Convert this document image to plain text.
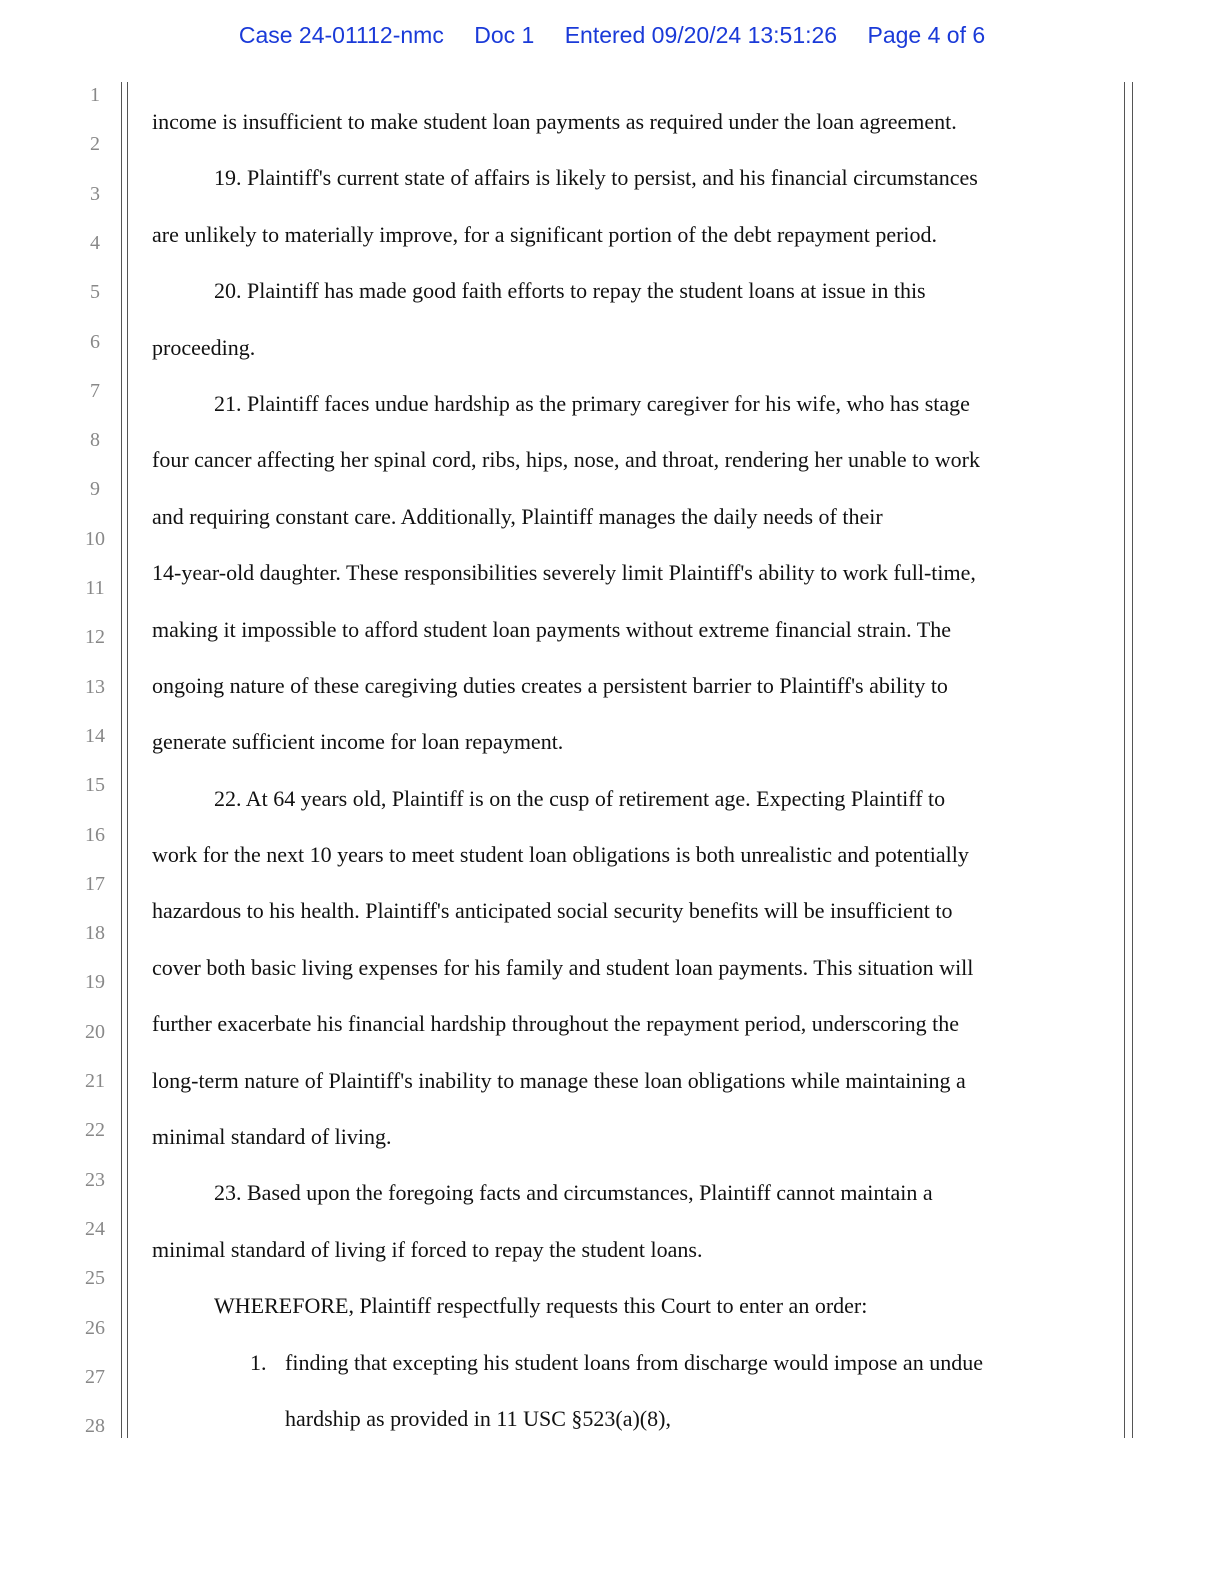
Case 24-01112-nmc Doc 1 Entered 09/20/24 13:51:26 Page 4 of 6
1
2
3
4
5
6
7
8
9
10
11
12
13
14
15
16
17
18
19
20
21
22
23
24
25
26
27
28
income is insufficient to make student loan payments as required under the loan agreement.
19. Plaintiff's current state of affairs is likely to persist, and his financial circumstances
are unlikely to materially improve, for a significant portion of the debt repayment period.
20. Plaintiff has made good faith efforts to repay the student loans at issue in this
proceeding.
21. Plaintiff faces undue hardship as the primary caregiver for his wife, who has stage
four cancer affecting her spinal cord, ribs, hips, nose, and throat, rendering her unable to work
and requiring constant care. Additionally, Plaintiff manages the daily needs of their
14-year-old daughter. These responsibilities severely limit Plaintiff's ability to work full-time,
making it impossible to afford student loan payments without extreme financial strain. The
ongoing nature of these caregiving duties creates a persistent barrier to Plaintiff's ability to
generate sufficient income for loan repayment.
22. At 64 years old, Plaintiff is on the cusp of retirement age. Expecting Plaintiff to
work for the next 10 years to meet student loan obligations is both unrealistic and potentially
hazardous to his health. Plaintiff's anticipated social security benefits will be insufficient to
cover both basic living expenses for his family and student loan payments. This situation will
further exacerbate his financial hardship throughout the repayment period, underscoring the
long-term nature of Plaintiff's inability to manage these loan obligations while maintaining a
minimal standard of living.
23. Based upon the foregoing facts and circumstances, Plaintiff cannot maintain a
minimal standard of living if forced to repay the student loans.
WHEREFORE, Plaintiff respectfully requests this Court to enter an order:
1. finding that excepting his student loans from discharge would impose an undue
hardship as provided in 11 USC §523(a)(8),
